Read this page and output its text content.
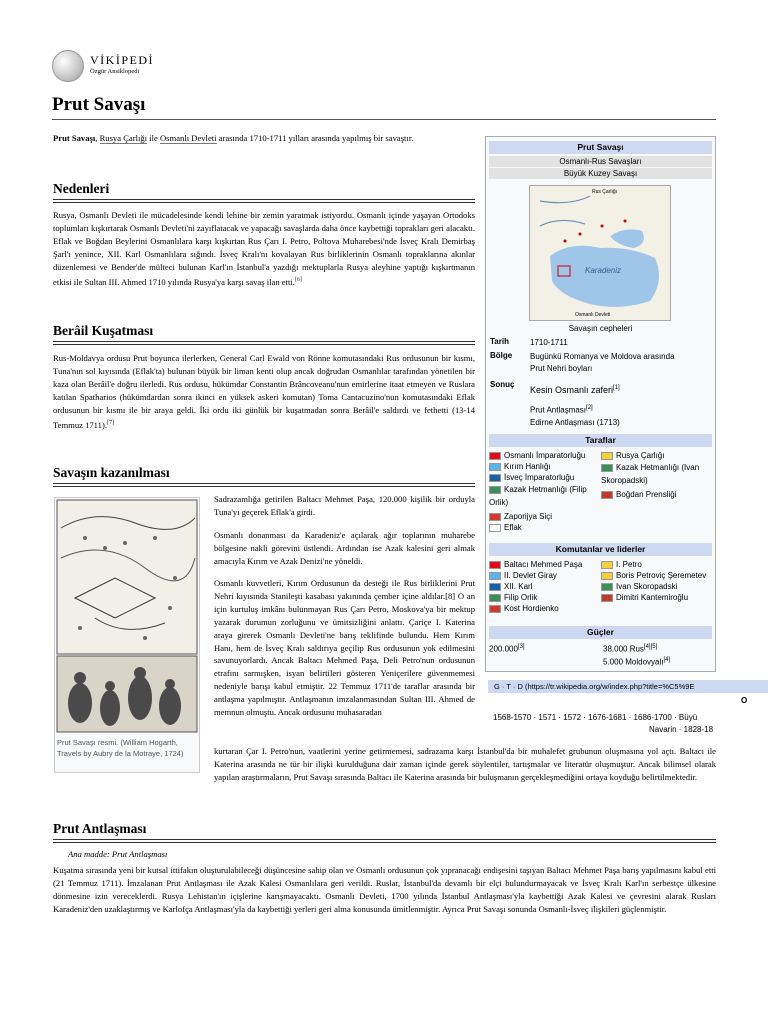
VİKİPEDİ
Özgür Ansiklopedi
Prut Savaşı
Prut Savaşı, Rusya Çarlığı ile Osmanlı Devleti arasında 1710-1711 yılları arasında yapılmış bir savaştır.
Nedenleri
Rusya, Osmanlı Devleti ile mücadelesinde kendi lehine bir zemin yaratmak istiyordu. Osmanlı içinde yaşayan Ortodoks toplumları kışkırtarak Osmanlı Devleti'ni zayıflatacak ve yapacağı savaşlarda daha önce kaybettiği toprakları geri alacaktı. Eflak ve Boğdan Beylerini Osmanlılara karşı kışkırtan Rus Çarı I. Petro, Poltova Muharebesi'nde İsveç Kralı Demirbaş Şarl'ı yenince, XII. Karl Osmanlılara sığındı. İsveç Kralı'nı kovalayan Rus birliklerinin Osmanlı topraklarına akınlar düzenlemesi ve Bender'de mülteci bulunan Karl'ın İstanbul'a yazdığı mektuplarla Rusya aleyhine yaptığı kışkırtmanın etkisi ile Sultan III. Ahmed 1710 yılında Rusya'ya karşı savaş ilan etti.[6]
Berâil Kuşatması
Rus-Moldavya ordusu Prut boyunca ilerlerken, General Carl Ewald von Rönne komutasındaki Rus ordusunun bir kısmı, Tuna'nın sol kıyısında (Eflak'ta) bulunan büyük bir liman kenti olup ancak doğrudan Osmanlılar tarafından yönetilen bir kaza olan Berâil'e doğru ilerledi. Rus ordusu, hükümdar Constantin Brâncoveanu'nun emirlerine itaat etmeyen ve Ruslara katılan Spatharios (hükümdardan sonra ikinci en yüksek askeri komutan) Toma Cantacuzino'nun komutasındaki Eflak ordusunun bir kısmı ile bir araya geldi. İki ordu iki günlük bir kuşatmadan sonra Berâil'e saldırdı ve fethetti (13-14 Temmuz 1711).[7]
Savaşın kazanılması
Prut Savaşı resmi. (William Hogarth, Travels by Aubry de la Motraye, 1724)
Sadrazamlığa getirilen Baltacı Mehmet Paşa, 120.000 kişilik bir orduyla Tuna'yı geçerek Eflak'a girdi.
Osmanlı donanması da Karadeniz'e açılarak ağır toplarının muharebe bölgesine nakli görevini üstlendi. Ardından ise Azak kalesini geri almak amacıyla Kırım ve Azak Denizi'ne yöneldi.
Osmanlı kuvvetleri, Kırım Ordusunun da desteği ile Rus birliklerini Prut Nehri kıyısında Stanileşti kasabası yakınında çember içine aldılar.[8] O an için kurtuluş imkânı bulunmayan Rus Çarı Petro, Moskova'ya bir mektup yazarak durumun zorluğunu ve ümitsizliğini anlattı. Çariçe I. Katerina araya girerek Osmanlı Devleti'ne barış teklifinde bulundu. Hem Kırım Hanı, hem de İsveç Kralı saldırıya geçilip Rus ordusunun yok edilmesini savunuyorlardı. Ancak Baltacı Mehmed Paşa, Deli Petro'nun ordusunun etrafını sarmışken, isyan belirtileri gösteren Yeniçerilere güvenmemesi nedeniyle barışı kabul etmiştir. 22 Temmuz 1711'de taraflar arasında bir antlaşma yapılmıştır. Antlaşmanın imzalanmasından Sultan III. Ahmed de memnun olmuştu. Ancak ordusunu muhasaradan
kurtaran Çar I. Petro'nun, vaatlerini yerine getirmemesi, sadrazama karşı İstanbul'da bir muhalefet grubunun oluşmasına yol açtı. Baltacı ile Katerina arasında ne tür bir ilişki kurulduğuna dair zaman içinde gerek söylentiler, tartışmalar ve literatür oluşmuştur. Ancak bilimsel olarak yapılan araştırmaların, Prut Savaşı sırasında Baltacı ile Katerina arasında bir buluşmanın gerçekleşmediğini ortaya koyduğu belirtilmektedir.
Prut Antlaşması
Ana madde: Prut Antlaşması
Kuşatma sırasında yeni bir kutsal ittifakın oluşturulabileceği düşüncesine sahip olan ve Osmanlı ordusunun çok yıpranacağı endişesini taşıyan Baltacı Mehmet Paşa barış yapılmasını kabul etti (21 Temmuz 1711). İmzalanan Prut Antlaşması ile Azak Kalesi Osmanlılara geri verildi. Ruslar, İstanbul'da devamlı bir elçi bulundurmayacak ve İsveç Kralı Karl'ın serbestçe ülkesine dönmesine izin vereceklerdi. Rusya Lehistan'ın içişlerine karışmayacaktı. Osmanlı Devleti, 1700 yılında İstanbul Antlaşması'yla kaybettiği Azak Kalesi ve çevresini alarak Rusları Karadeniz'den uzaklaştırmış ve Karlofça Antlaşması'yla da kaybettiği yerleri geri alma konusunda ümitlenmiştir. Ayrıca Prut Savaşı sonunda Osmanlı-İsveç ilişkileri güçlenmiştir.
Prut Savaşı
Osmanlı-Rus Savaşları
Büyük Kuzey Savaşı
Rus Çarlığı
Karadeniz
Osmanlı Devleti
Savaşın cepheleri
Tarih	1710-1711
Bölge Bugünkü Romanya ve Moldova arasında
Prut Nehri boyları
Sonuç
Kesin Osmanlı zaferi[1]
Prut Antlaşması[2]
Edirne Antlaşması (1713)
Taraflar
Osmanlı İmparatorluğu
Kırım Hanlığı
İsveç İmparatorluğu
Kazak Hetmanlığı (Filip Orlik)
Zaporijya Siçi
Eflak
Rusya Çarlığı
Kazak Hetmanlığı (Ivan Skoropadski)
Boğdan Prensliği
Komutanlar ve liderler
Baltacı Mehmed Paşa
II. Devlet Giray
XII. Karl
Filip Orlik
Kost Hordienko
I. Petro
Boris Petroviç Şeremetev
Ivan Skoropadski
Dimitri Kantemiroğlu
Güçler
200.000[3]	38.000 Rus[4][5]
5.000 Moldovyalı[4]
G · T · D (https://tr.wikipedia.org/w/index.php?title=%C5%9E
O
1568-1570 · 1571 · 1572 · 1676-1681 · 1686-1700 · Büyü
Navarin · 1828-18
